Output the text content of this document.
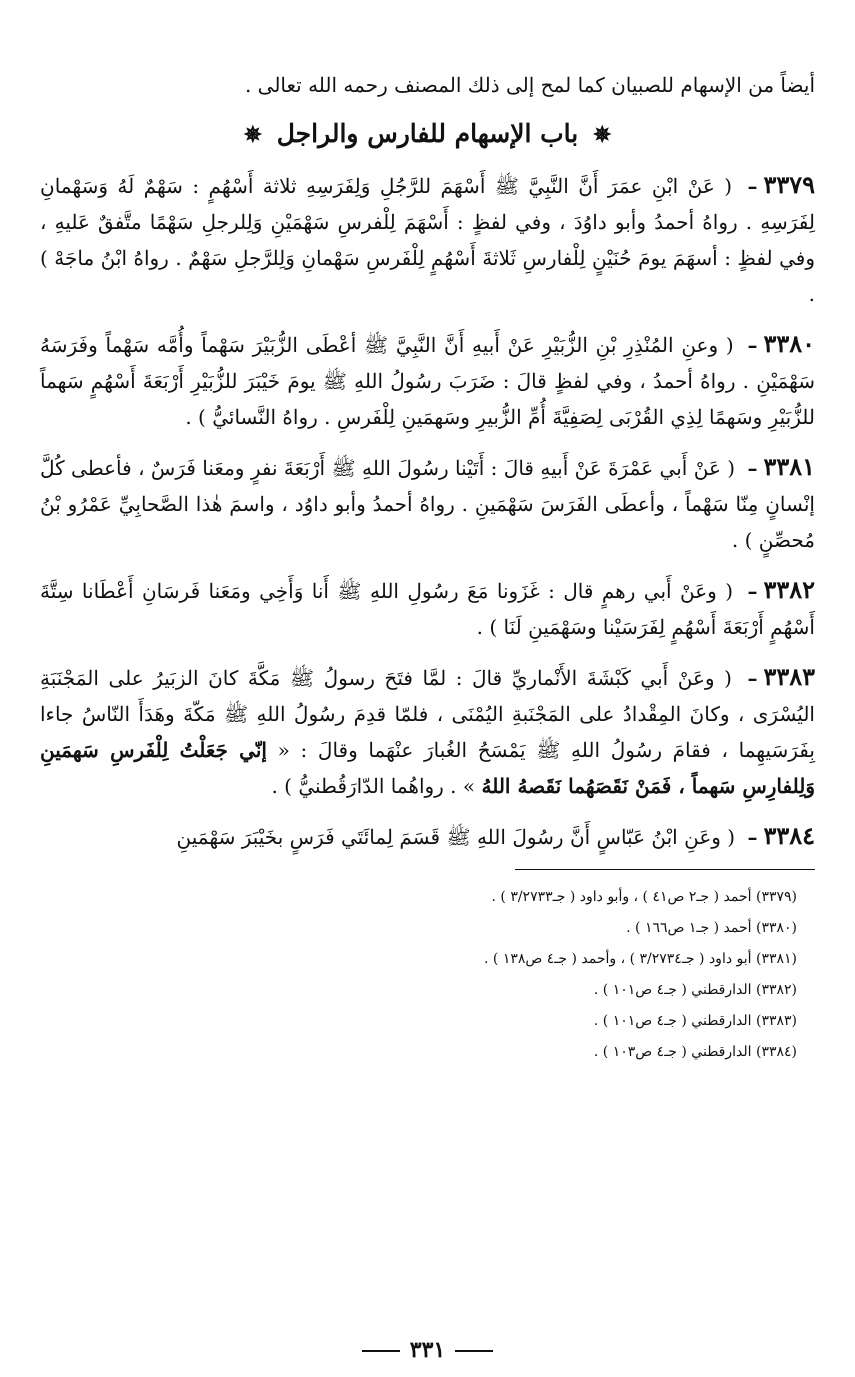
أيضاً من الإسهام للصبيان كما لمح إلى ذلك المصنف رحمه الله تعالى .

✵ باب الإسهام للفارس والراجل ✵

٣٣٧٩– ( عَنْ ابْنِ عمَرَ أَنَّ النَّبِيَّ ﷺ أَسْهَمَ للرَّجُلِ وَلِفَرَسِهِ ثلاثة أَسْهُمٍ : سَهْمٌ لَهُ وَسَهْمانِ لِفَرَسِهِ . رواهُ أحمدُ وأبو داوُدَ ، وفي لفظٍ : أَسْهَمَ لِلْفرسِ سَهْمَيْنِ وَلِلرجلِ سَهْمًا متَّفقٌ عَليهِ ، وفي لفظٍ : أسهَمَ يومَ حُنَيْنٍ لِلْفارسِ ثَلاثةَ أَسْهُمٍ لِلْفَرسِ سَهْمانِ وَلِلرَّجلِ سَهْمٌ . رواهُ ابْنُ ماجَهْ ) .

٣٣٨٠– ( وعنِ المُنْذِرِ بْنِ الزُّبَيْرِ عَنْ أَبيهِ أَنَّ النَّبِيَّ ﷺ أعْطَى الزُّبَيْرَ سَهْماً وأُمَّه سَهْماً وفَرَسَهُ سَهْمَيْنِ . رواهُ أحمدُ ، وفي لفظٍ قالَ : ضَرَبَ رسُولُ اللهِ ﷺ يومَ خَيْبَرَ للزُّبَيْرِ أَرْبَعَةَ أَسْهُمٍ سَهماً للزُّبَيْرِ وسَهمًا لِذِي القُرْبَى لِصَفِيَّةَ أُمِّ الزُّبيرِ وسَهمَينِ لِلْفَرسِ . رواهُ النَّسائيُّ ) .

٣٣٨١– ( عَنْ أَبي عَمْرَةَ عَنْ أَبيهِ قالَ : أَتَيْنا رسُولَ اللهِ ﷺ أَرْبَعَةَ نفرٍ ومعَنا فَرَسٌ ، فأعطى كُلَّ إنْسانٍ مِنّا سَهْماً ، وأعطَى الفَرَسَ سَهْمَينِ . رواهُ أحمدُ وأبو داوُد ، واسمَ هٰذا الصَّحابِيِّ عَمْرُو بْنُ مُحصِّنٍ ) .

٣٣٨٢– ( وعَنْ أَبي رهمٍ قال : غَزَونا مَعَ رسُولِ اللهِ ﷺ أَنا وَأَخِي ومَعَنا فَرسَانِ أَعْطَانا سِتَّةَ أَسْهُمٍ أَرْبَعَةَ أَسْهُمٍ لِفَرَسَيْنا وسَهْمَينِ لَنَا ) .

٣٣٨٣– ( وعَنْ أَبي كَبْشَةَ الأَنْماريِّ قالَ : لمَّا فتَحَ رسولُ ﷺ مَكَّةَ كانَ الزبَيرُ على المَجْنَبَةِ اليُسْرَى ، وكانَ المِقْدادُ على المَجْنَبةِ اليُمْنَى ، فلمّا قدِمَ رسُولُ اللهِ ﷺ مَكّةَ وهَدَأَ النّاسُ جاءا بِفَرَسَيهِما ، فقامَ رسُولُ اللهِ ﷺ يَمْسَحُ الغُبارَ عنْهَما وقالَ : « إنّي جَعَلْتُ لِلْفَرسِ سَهمَينِ وَلِلفارِسِ سَهماً ، فَمَنْ نَقَصَهُما نَقَصهُ اللهُ » . رواهُما الدّارَقُطنيُّ ) .

٣٣٨٤– ( وعَنِ ابْنُ عَبّاسٍ أَنَّ رسُولَ اللهِ ﷺ قَسَمَ لِمائَتَي فَرَسٍ بخَيْبَرَ سَهْمَينِ

(٣٣٧٩) أحمد ( جـ٢ ص٤١ ) ، وأبو داود ( جـ٣/٢٧٣٣ ) .
(٣٣٨٠) أحمد ( جـ١ ص١٦٦ ) .
(٣٣٨١) أبو داود ( جـ٣/٢٧٣٤ ) ، وأحمد ( جـ٤ ص١٣٨ ) .
(٣٣٨٢) الدارقطني ( جـ٤ ص١٠١ ) .
(٣٣٨٣) الدارقطني ( جـ٤ ص١٠١ ) .
(٣٣٨٤) الدارقطني ( جـ٤ ص١٠٣ ) .
٣٣١
